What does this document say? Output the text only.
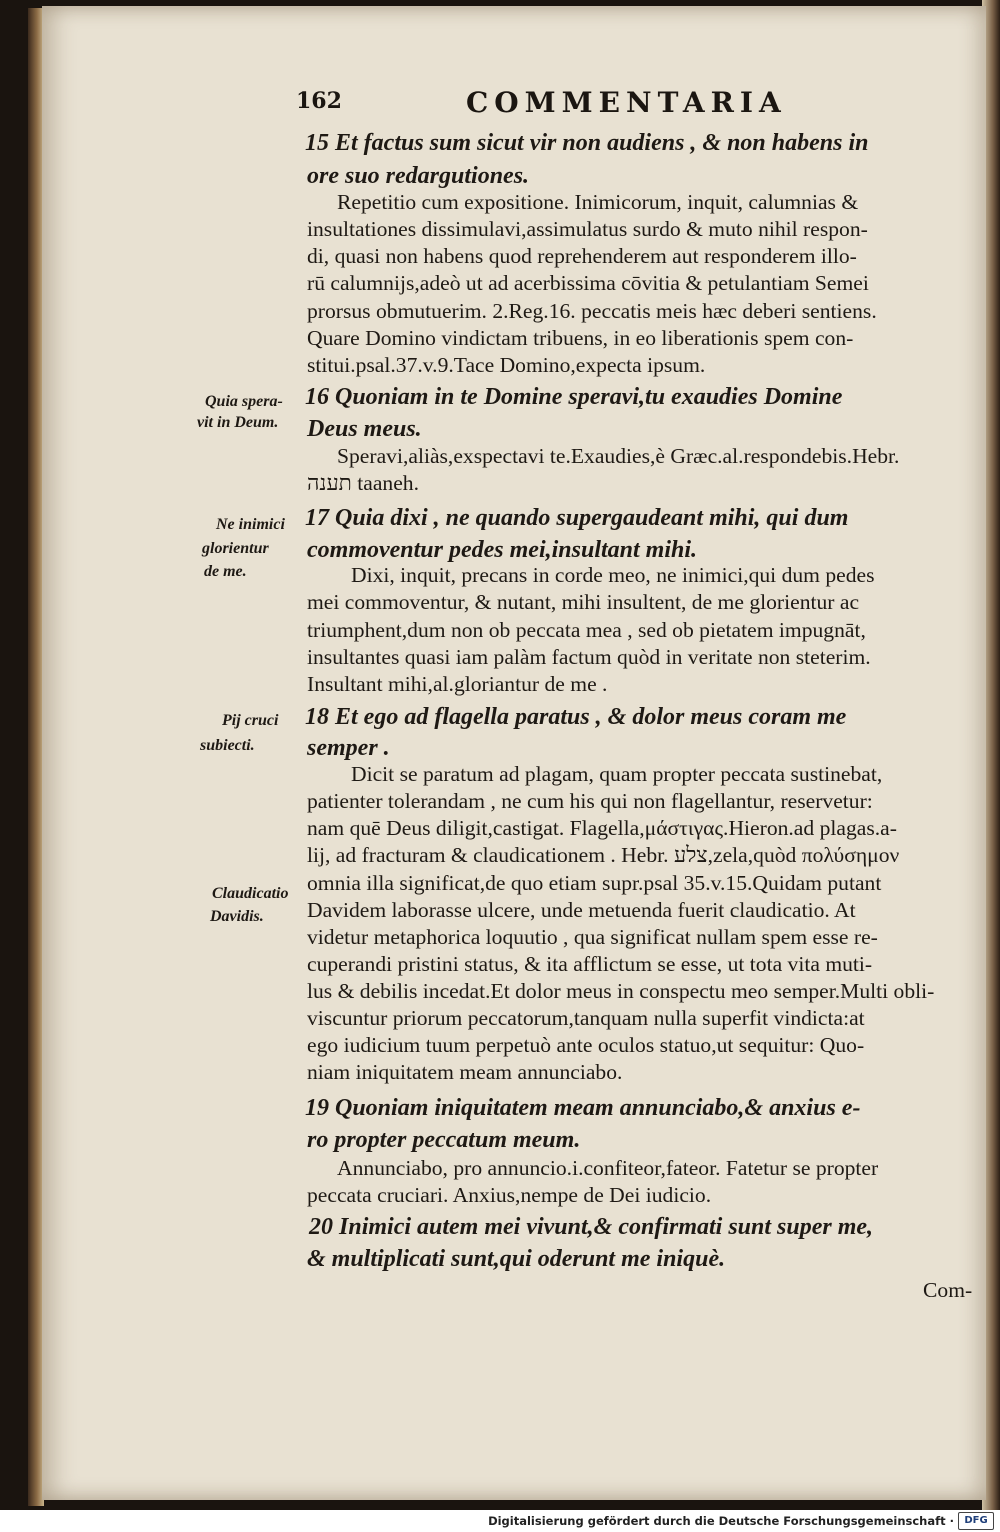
162	COMMENTARIA
Quia spera-
vit in Deum.
Ne inimici
glorientur
de me.
Pij cruci
subiecti.
Claudicatio
Davidis.
15 Et factus sum sicut vir non audiens , & non habens in
ore suo redargutiones.
Repetitio cum expositione. Inimicorum, inquit, calumnias &
insultationes dissimulavi,assimulatus surdo & muto nihil respon-
di, quasi non habens quod reprehenderem aut responderem illo-
rū calumnijs,adeò ut ad acerbissima cōvitia & petulantiam Semei
prorsus obmutuerim. 2.Reg.16. peccatis meis hæc deberi sentiens.
Quare Domino vindictam tribuens, in eo liberationis spem con-
stitui.psal.37.v.9.Tace Domino,expecta ipsum.
16 Quoniam in te Domine speravi,tu exaudies Domine
Deus meus.
Speravi,aliàs,exspectavi te.Exaudies,è Græc.al.respondebis.Hebr.
תענה taaneh.
17 Quia dixi , ne quando supergaudeant mihi, qui dum
commoventur pedes mei,insultant mihi.
Dixi, inquit, precans in corde meo, ne inimici,qui dum pedes
mei commoventur, & nutant, mihi insultent, de me glorientur ac
triumphent,dum non ob peccata mea , sed ob pietatem impugnāt,
insultantes quasi iam palàm factum quòd in veritate non steterim.
Insultant mihi,al.gloriantur de me .
18 Et ego ad flagella paratus , & dolor meus coram me
semper .
Dicit se paratum ad plagam, quam propter peccata sustinebat,
patienter tolerandam , ne cum his qui non flagellantur, reservetur:
nam quē Deus diligit,castigat. Flagella,μάστιγας.Hieron.ad plagas.a-
lij, ad fracturam & claudicationem . Hebr. צלע,zela,quòd πολύσημον
omnia illa significat,de quo etiam supr.psal 35.v.15.Quidam putant
Davidem laborasse ulcere, unde metuenda fuerit claudicatio. At
videtur metaphorica loquutio , qua significat nullam spem esse re-
cuperandi pristini status, & ita afflictum se esse, ut tota vita muti-
lus & debilis incedat.Et dolor meus in conspectu meo semper.Multi obli-
viscuntur priorum peccatorum,tanquam nulla superfit vindicta:at
ego iudicium tuum perpetuò ante oculos statuo,ut sequitur: Quo-
niam iniquitatem meam annunciabo.
19 Quoniam iniquitatem meam annunciabo,& anxius e-
ro propter peccatum meum.
Annunciabo, pro annuncio.i.confiteor,fateor. Fatetur se propter
peccata cruciari. Anxius,nempe de Dei iudicio.
20 Inimici autem mei vivunt,& confirmati sunt super me,
& multiplicati sunt,qui oderunt me iniquè.
Com-
Digitalisierung gefördert durch die Deutsche Forschungsgemeinschaft ·	DFG
